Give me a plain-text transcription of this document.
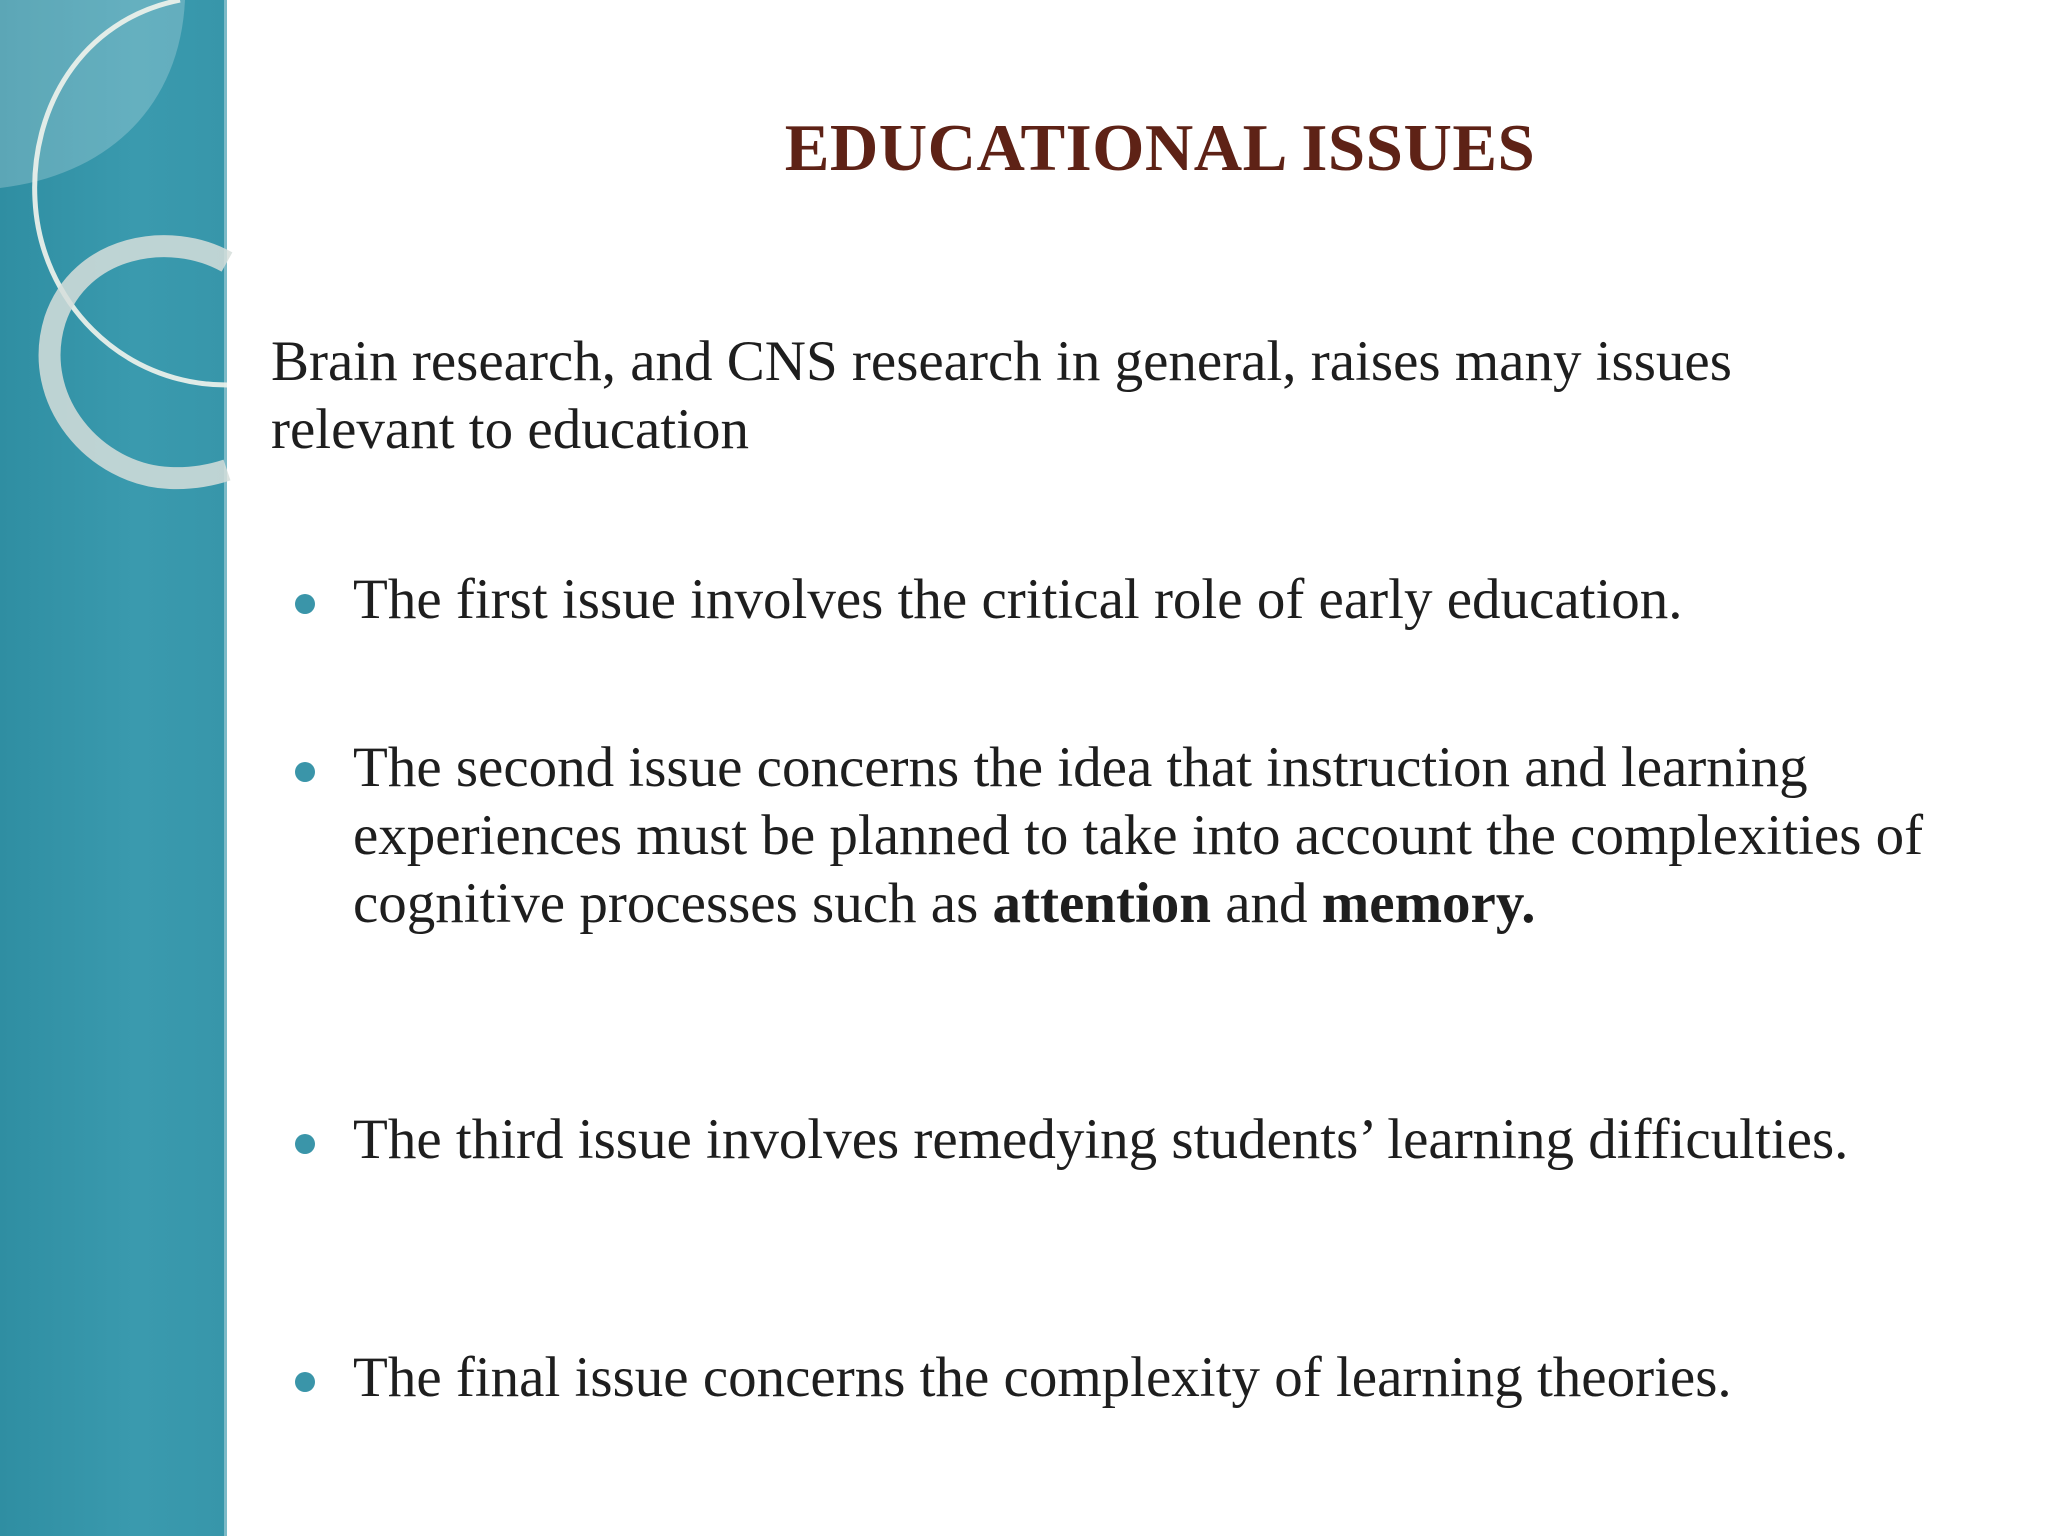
EDUCATIONAL ISSUES
Brain research, and CNS research in general, raises many issues relevant to education
The first issue involves the critical role of early education.
The second issue concerns the idea that instruction and learning experiences must be planned to take into account the complexities of cognitive processes such as attention and memory.
The third issue involves remedying students’ learning difficulties.
The final issue concerns the complexity of learning theories.
